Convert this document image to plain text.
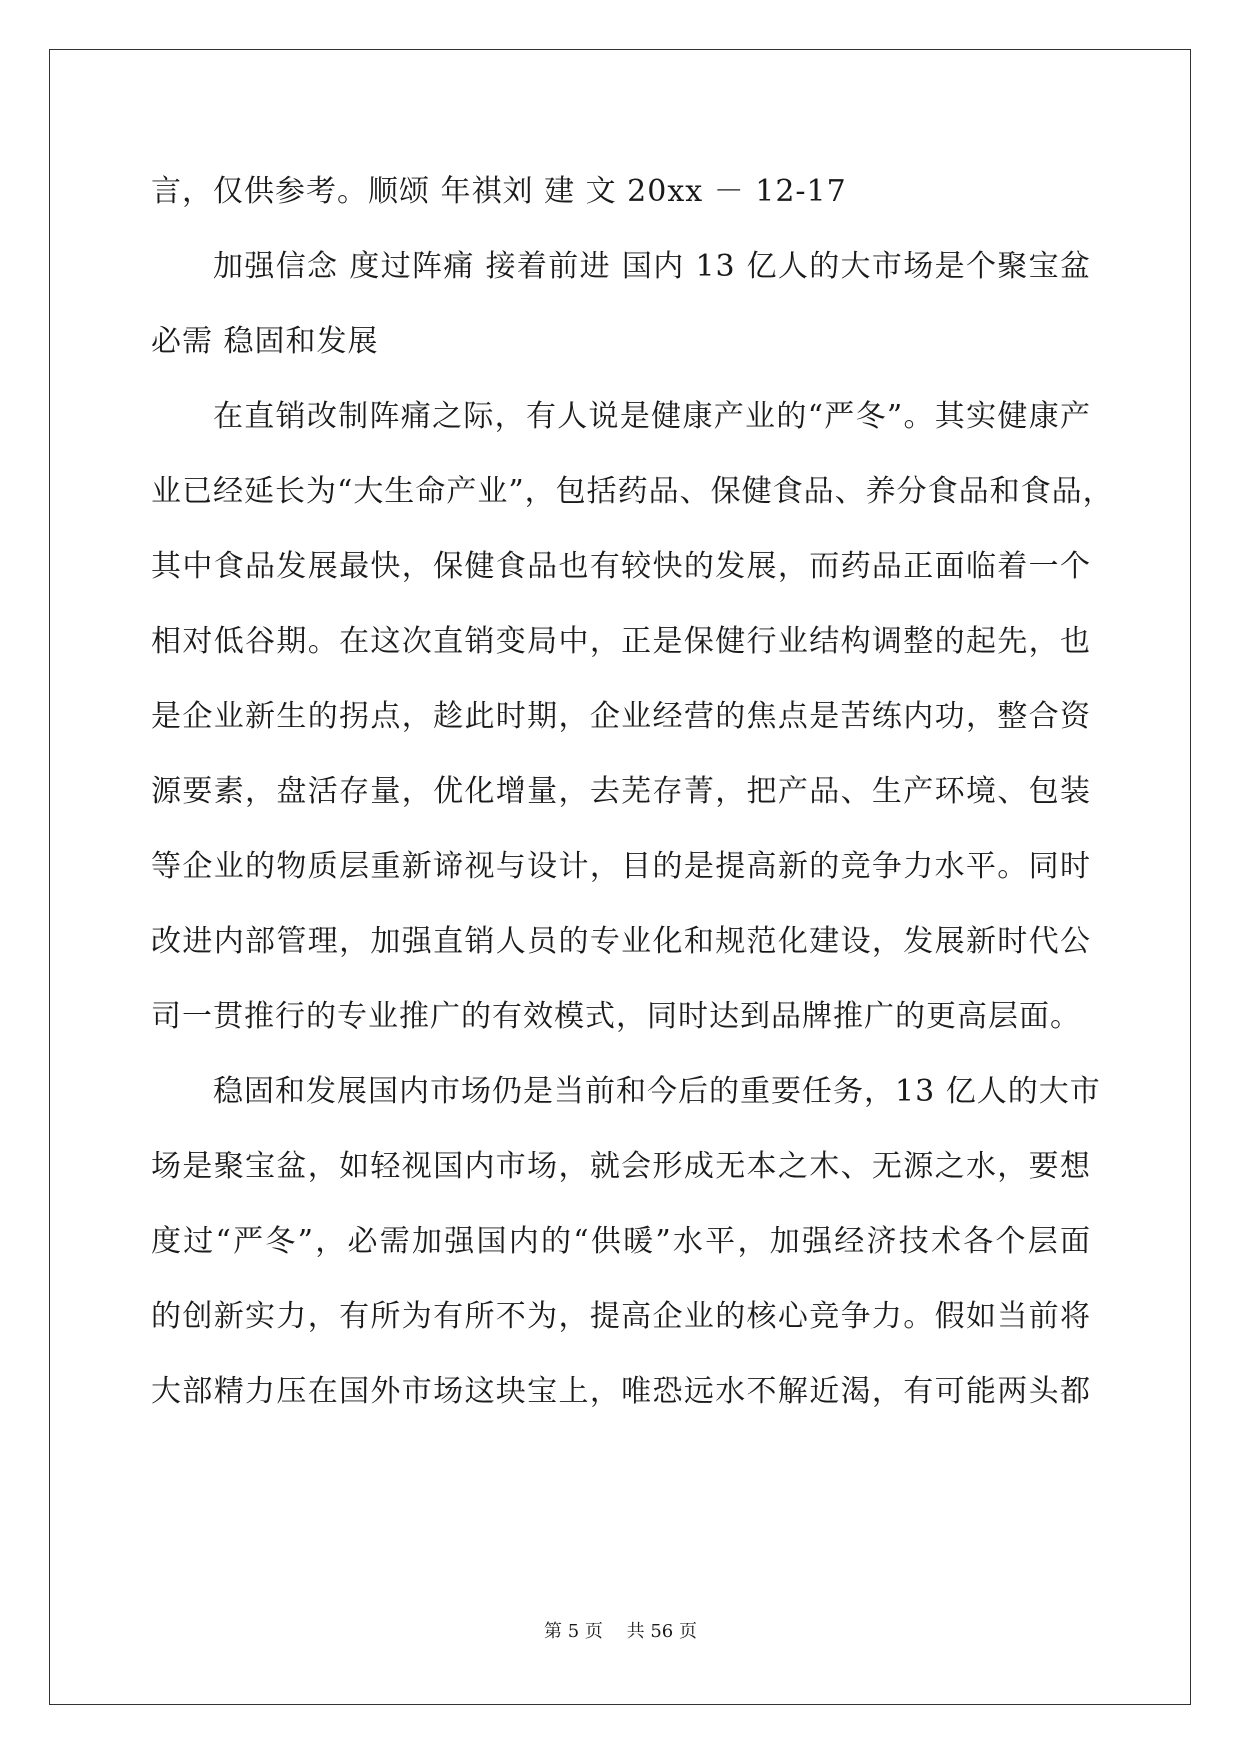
言，仅供参考。顺颂 年祺刘 建 文 20xx － 12-17
加强信念 度过阵痛 接着前进 国内 13 亿人的大市场是个聚宝盆
必需 稳固和发展
在直销改制阵痛之际，有人说是健康产业的“严冬”。其实健康产
业已经延长为“大生命产业”，包括药品、保健食品、养分食品和食品，
其中食品发展最快，保健食品也有较快的发展，而药品正面临着一个
相对低谷期。在这次直销变局中，正是保健行业结构调整的起先，也
是企业新生的拐点，趁此时期，企业经营的焦点是苦练内功，整合资
源要素，盘活存量，优化增量，去芜存菁，把产品、生产环境、包装
等企业的物质层重新谛视与设计，目的是提高新的竞争力水平。同时
改进内部管理，加强直销人员的专业化和规范化建设，发展新时代公
司一贯推行的专业推广的有效模式，同时达到品牌推广的更高层面。
稳固和发展国内市场仍是当前和今后的重要任务，13 亿人的大市
场是聚宝盆，如轻视国内市场，就会形成无本之木、无源之水，要想
度过“严冬”，必需加强国内的“供暖”水平，加强经济技术各个层面
的创新实力，有所为有所不为，提高企业的核心竞争力。假如当前将
大部精力压在国外市场这块宝上，唯恐远水不解近渴，有可能两头都
第 5 页　 共 56 页
